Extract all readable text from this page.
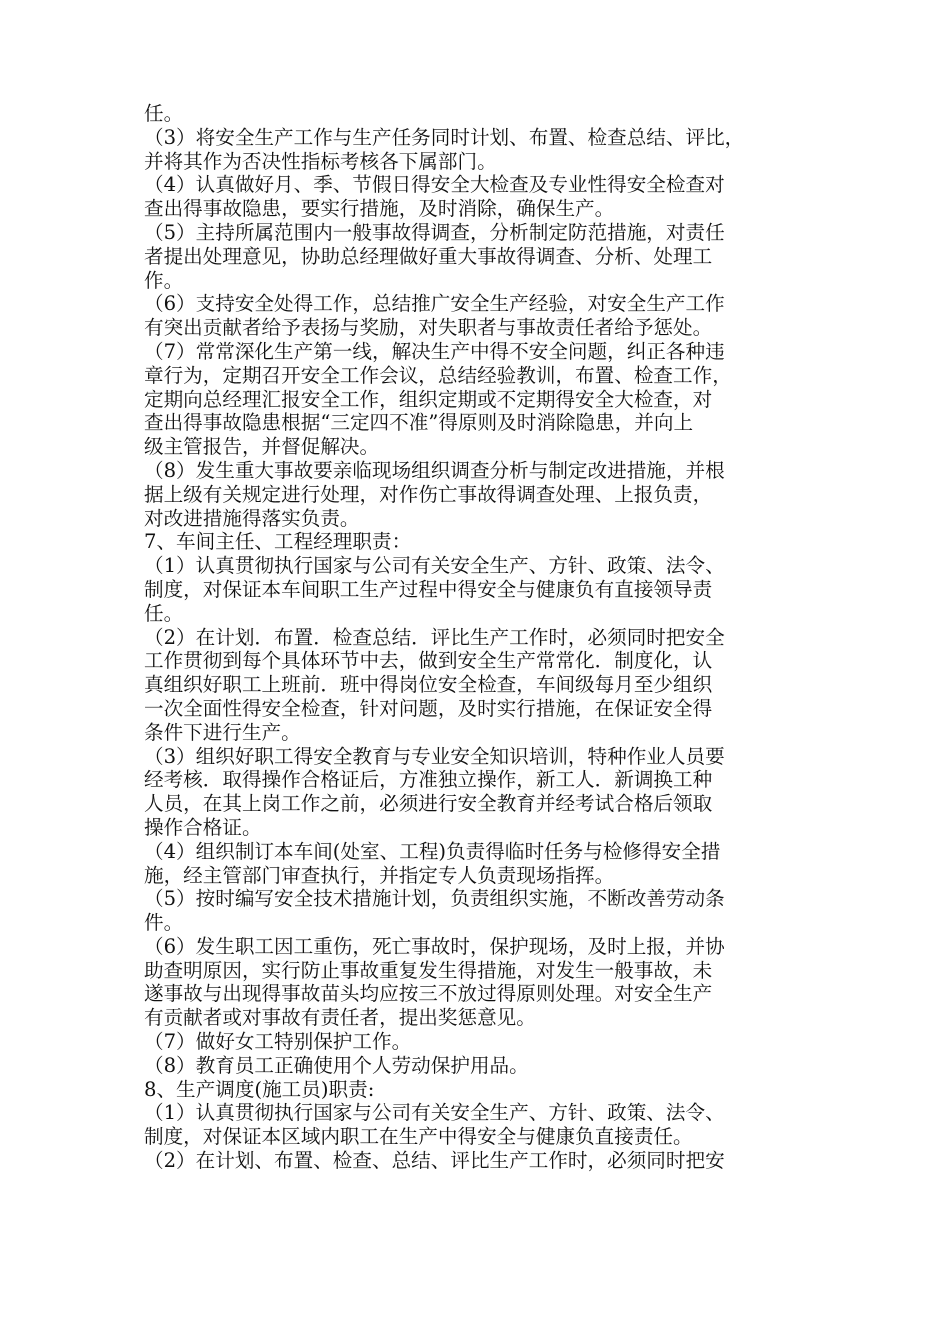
任。

（3）将安全生产工作与生产任务同时计划、布置、检查总结、评比，
并将其作为否决性指标考核各下属部门。

（4）认真做好月、季、节假日得安全大检查及专业性得安全检查对
查出得事故隐患，要实行措施，及时消除，确保生产。

（5）主持所属范围内一般事故得调查，分析制定防范措施，对责任
者提出处理意见，协助总经理做好重大事故得调查、分析、处理工
作。

（6）支持安全处得工作，总结推广安全生产经验，对安全生产工作
有突出贡献者给予表扬与奖励，对失职者与事故责任者给予惩处。

（7）常常深化生产第一线，解决生产中得不安全问题，纠正各种违
章行为，定期召开安全工作会议，总结经验教训，布置、检查工作，
定期向总经理汇报安全工作，组织定期或不定期得安全大检查，对
查出得事故隐患根据“三定四不准”得原则及时消除隐患，并向上
级主管报告，并督促解决。

（8）发生重大事故要亲临现场组织调查分析与制定改进措施，并根
据上级有关规定进行处理，对作伤亡事故得调查处理、上报负责，
对改进措施得落实负责。

7、车间主任、工程经理职责：

（1）认真贯彻执行国家与公司有关安全生产、方针、政策、法令、
制度，对保证本车间职工生产过程中得安全与健康负有直接领导责
任。

（2）在计划．布置．检查总结．评比生产工作时，必须同时把安全
工作贯彻到每个具体环节中去，做到安全生产常常化．制度化，认
真组织好职工上班前．班中得岗位安全检查，车间级每月至少组织
一次全面性得安全检查，针对问题，及时实行措施，在保证安全得
条件下进行生产。

（3）组织好职工得安全教育与专业安全知识培训，特种作业人员要
经考核．取得操作合格证后，方准独立操作，新工人．新调换工种
人员，在其上岗工作之前，必须进行安全教育并经考试合格后领取
操作合格证。

（4）组织制订本车间(处室、工程)负责得临时任务与检修得安全措
施，经主管部门审查执行，并指定专人负责现场指挥。

（5）按时编写安全技术措施计划，负责组织实施，不断改善劳动条
件。

（6）发生职工因工重伤，死亡事故时，保护现场，及时上报，并协
助查明原因，实行防止事故重复发生得措施，对发生一般事故，未
遂事故与出现得事故苗头均应按三不放过得原则处理。对安全生产
有贡献者或对事故有责任者，提出奖惩意见。

（7）做好女工特别保护工作。

（8）教育员工正确使用个人劳动保护用品。

8、生产调度(施工员)职责:

（1）认真贯彻执行国家与公司有关安全生产、方针、政策、法令、
制度，对保证本区域内职工在生产中得安全与健康负直接责任。

（2）在计划、布置、检查、总结、评比生产工作时，必须同时把安
